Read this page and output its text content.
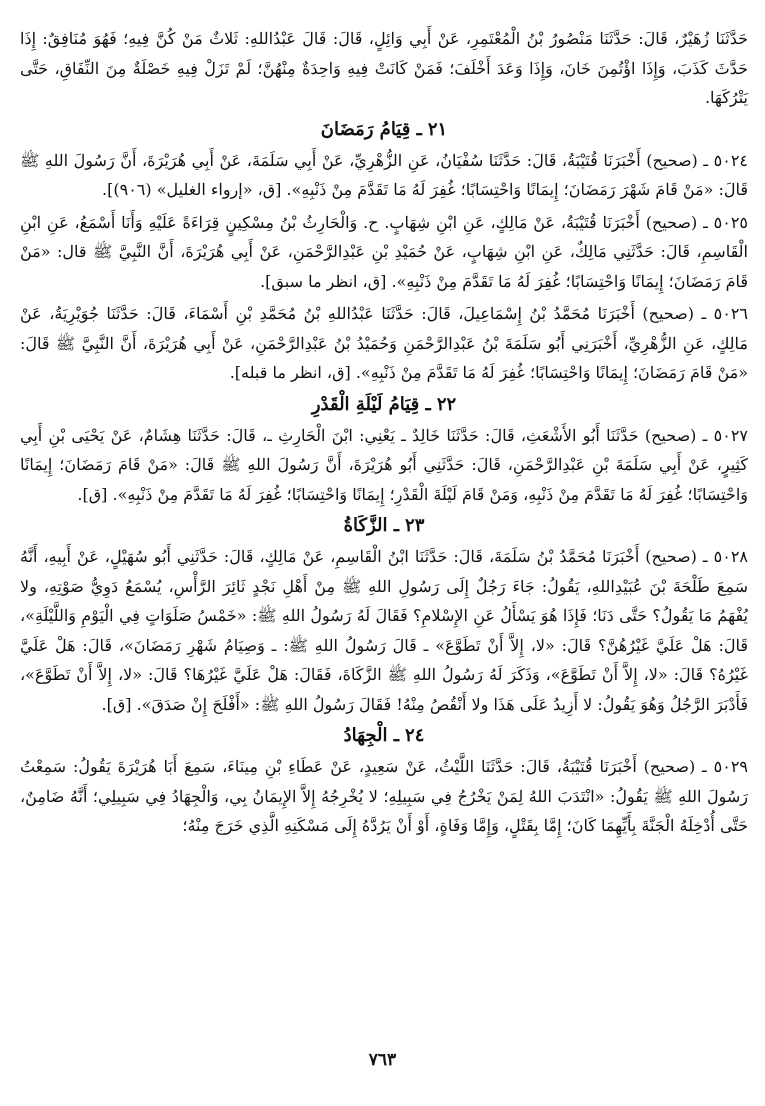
حَدَّثَنَا زُهَيْرٌ، قَالَ: حَدَّثَنَا مَنْصُورُ بْنُ الْمُعْتَمِرِ، عَنْ أَبِي وَائِلٍ، قَالَ: قَالَ عَبْدُاللهِ: ثَلاثٌ مَنْ كُنَّ فِيهِ؛ فَهُوَ مُنَافِقٌ: إِذَا حَدَّثَ كَذَبَ، وَإِذَا اؤْتُمِنَ خَانَ، وَإِذَا وَعَدَ أَخْلَفَ؛ فَمَنْ كَانَتْ فِيهِ وَاحِدَةٌ مِنْهُنَّ؛ لَمْ تَزَلْ فِيهِ خَصْلَةٌ مِنَ النِّفَاقِ، حَتَّى يَتْرُكَهَا.

٢١ـ قِيَامُ رَمَضَانَ

٥٠٢٤ ـ (صحيح) أَخْبَرَنَا قُتَيْبَةُ، قَالَ: حَدَّثَنَا سُفْيَانُ، عَنِ الزُّهْرِيِّ، عَنْ أَبِي سَلَمَةَ، عَنْ أَبِي هُرَيْرَةَ، أَنَّ رَسُولَ اللهِ ﷺ قَالَ: «مَنْ قَامَ شَهْرَ رَمَضَانَ؛ إِيمَانًا وَاحْتِسَابًا؛ غُفِرَ لَهُ مَا تَقَدَّمَ مِنْ ذَنْبِهِ». [ق، «إرواء الغليل» (٩٠٦)].

٥٠٢٥ ـ (صحيح) أَخْبَرَنَا قُتَيْبَةُ، عَنْ مَالِكٍ، عَنِ ابْنِ شِهَابٍ. ح. وَالْحَارِثُ بْنُ مِسْكِينٍ قِرَاءَةً عَلَيْهِ وَأَنَا أَسْمَعُ، عَنِ ابْنِ الْقَاسِمِ، قَالَ: حَدَّثَنِي مَالِكٌ، عَنِ ابْنِ شِهَابٍ، عَنْ حُمَيْدِ بْنِ عَبْدِالرَّحْمَنِ، عَنْ أَبِي هُرَيْرَةَ، أَنَّ النَّبِيَّ ﷺ قال: «مَنْ قَامَ رَمَضَانَ؛ إِيمَانًا وَاحْتِسَابًا؛ غُفِرَ لَهُ مَا تَقَدَّمَ مِنْ ذَنْبِهِ». [ق، انظر ما سبق].

٥٠٢٦ ـ (صحيح) أَخْبَرَنَا مُحَمَّدُ بْنُ إِسْمَاعِيلَ، قَالَ: حَدَّثَنَا عَبْدُاللهِ بْنُ مُحَمَّدِ بْنِ أَسْمَاءَ، قَالَ: حَدَّثَنَا جُوَيْرِيَةُ، عَنْ مَالِكٍ، عَنِ الزُّهْرِيِّ، أَخْبَرَنِي أَبُو سَلَمَةَ بْنُ عَبْدِالرَّحْمَنِ وَحُمَيْدُ بْنُ عَبْدِالرَّحْمَنِ، عَنْ أَبِي هُرَيْرَةَ، أَنَّ النَّبِيَّ ﷺ قَالَ: «مَنْ قَامَ رَمَضَانَ؛ إِيمَانًا وَاحْتِسَابًا؛ غُفِرَ لَهُ مَا تَقَدَّمَ مِنْ ذَنْبِهِ». [ق، انظر ما قبله].

٢٢ـ قِيَامُ لَيْلَةِ الْقَدْرِ

٥٠٢٧ ـ (صحيح) حَدَّثَنَا أَبُو الأَشْعَثِ، قَالَ: حَدَّثَنَا خَالِدٌ ـ يَعْنِي: ابْنَ الْحَارِثِ ـ، قَالَ: حَدَّثَنَا هِشَامٌ، عَنْ يَحْيَى بْنِ أَبِي كَثِيرٍ، عَنْ أَبِي سَلَمَةَ بْنِ عَبْدِالرَّحْمَنِ، قَالَ: حَدَّثَنِي أَبُو هُرَيْرَةَ، أَنَّ رَسُولَ اللهِ ﷺ قَالَ: «مَنْ قَامَ رَمَضَانَ؛ إِيمَانًا وَاحْتِسَابًا؛ غُفِرَ لَهُ مَا تَقَدَّمَ مِنْ ذَنْبِهِ، وَمَنْ قَامَ لَيْلَةَ الْقَدْرِ؛ إِيمَانًا وَاحْتِسَابًا؛ غُفِرَ لَهُ مَا تَقَدَّمَ مِنْ ذَنْبِهِ». [ق].

٢٣ـ الزَّكَاةُ

٥٠٢٨ ـ (صحيح) أَخْبَرَنَا مُحَمَّدُ بْنُ سَلَمَةَ، قَالَ: حَدَّثَنَا ابْنُ الْقَاسِمِ، عَنْ مَالِكٍ، قَالَ: حَدَّثَنِي أَبُو سُهَيْلٍ، عَنْ أَبِيهِ، أَنَّهُ سَمِعَ طَلْحَةَ بْنَ عُبَيْدِاللهِ، يَقُولُ: جَاءَ رَجُلٌ إِلَى رَسُولِ اللهِ ﷺ مِنْ أَهْلِ نَجْدٍ ثَائِرَ الرَّأْسِ، يُسْمَعُ دَوِيُّ صَوْتِهِ، ولا يُفْهَمُ مَا يَقُولُ؟ حَتَّى دَنَا؛ فَإِذَا هُوَ يَسْأَلُ عَنِ الإِسْلامِ؟ فَقَالَ لَهُ رَسُولُ اللهِ ﷺ: «خَمْسُ صَلَوَاتٍ فِي الْيَوْمِ وَاللَّيْلَةِ»، قَالَ: هَلْ عَلَيَّ غَيْرُهُنَّ؟ قَالَ: «لا، إِلاَّ أَنْ تَطَوَّعَ» ـ قَالَ رَسُولُ اللهِ ﷺ: ـ وَصِيَامُ شَهْرِ رَمَضَانَ»، قَالَ: هَلْ عَلَيَّ غَيْرُهُ؟ قَالَ: «لا، إِلاَّ أَنْ تَطَوَّعَ»، وَذَكَرَ لَهُ رَسُولُ اللهِ ﷺ الزَّكَاةَ، فَقَالَ: هَلْ عَلَيَّ غَيْرُهَا؟ قَالَ: «لا، إِلاَّ أَنْ تَطَوَّعَ»، فَأَدْبَرَ الرَّجُلُ وَهُوَ يَقُولُ: لا أَزِيدُ عَلَى هَذَا ولا أَنْقُصُ مِنْهُ! فَقَالَ رَسُولُ اللهِ ﷺ: «أَفْلَحَ إِنْ صَدَقَ». [ق].

٢٤ـ الْجِهَادُ

٥٠٢٩ ـ (صحيح) أَخْبَرَنَا قُتَيْبَةُ، قَالَ: حَدَّثَنَا اللَّيْثُ، عَنْ سَعِيدٍ، عَنْ عَطَاءِ بْنِ مِينَاءَ، سَمِعَ أَبَا هُرَيْرَةَ يَقُولُ: سَمِعْتُ رَسُولَ اللهِ ﷺ يَقُولُ: «انْتَدَبَ اللهُ لِمَنْ يَخْرُجُ فِي سَبِيلِهِ؛ لا يُخْرِجُهُ إِلاَّ الإِيمَانُ بِي، وَالْجِهَادُ فِي سَبِيلِي؛ أَنَّهُ ضَامِنٌ، حَتَّى أُدْخِلَهُ الْجَنَّةَ بِأَيِّهِمَا كَانَ؛ إِمَّا بِقَتْلٍ، وَإِمَّا وَفَاةٍ، أَوْ أَنْ يَرُدَّهُ إِلَى مَسْكَنِهِ الَّذِي خَرَجَ مِنْهُ؛

٧٦٣
